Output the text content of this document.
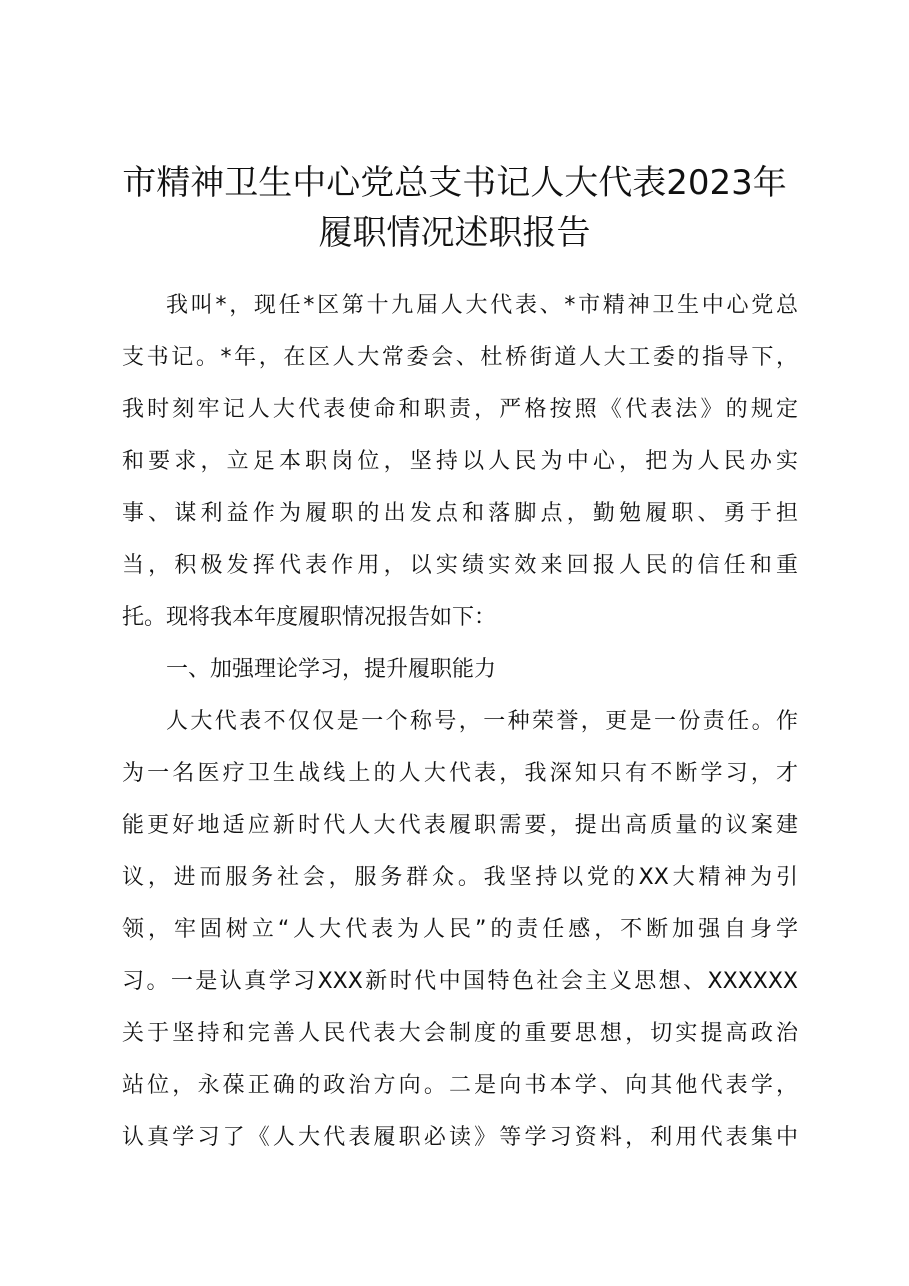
市精神卫生中心党总支书记人大代表2023年
履职情况述职报告
我叫*，现任*区第十九届人大代表、*市精神卫生中心党总
支书记。*年，在区人大常委会、杜桥街道人大工委的指导下，
我时刻牢记人大代表使命和职责，严格按照《代表法》的规定
和要求，立足本职岗位，坚持以人民为中心，把为人民办实
事、谋利益作为履职的出发点和落脚点，勤勉履职、勇于担
当，积极发挥代表作用，以实绩实效来回报人民的信任和重
托。现将我本年度履职情况报告如下：
一、加强理论学习，提升履职能力
人大代表不仅仅是一个称号，一种荣誉，更是一份责任。作
为一名医疗卫生战线上的人大代表，我深知只有不断学习，才
能更好地适应新时代人大代表履职需要，提出高质量的议案建
议，进而服务社会，服务群众。我坚持以党的XX大精神为引
领，牢固树立“人大代表为人民”的责任感，不断加强自身学
习。一是认真学习XXX新时代中国特色社会主义思想、XXXXXX
关于坚持和完善人民代表大会制度的重要思想，切实提高政治
站位，永葆正确的政治方向。二是向书本学、向其他代表学，
认真学习了《人大代表履职必读》等学习资料，利用代表集中
